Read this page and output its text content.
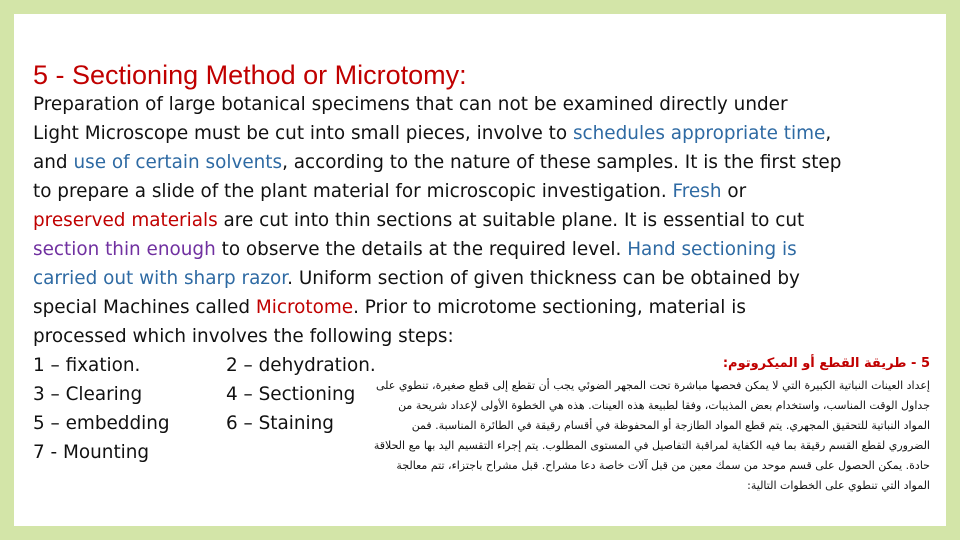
5 - Sectioning Method or Microtomy:

Preparation of large botanical specimens that can not be examined directly under
Light Microscope must be cut into small pieces, involve to schedules appropriate time,
and use of certain solvents, according to the nature of these samples. It is the first step
to prepare a slide of the plant material for microscopic investigation. Fresh or
preserved materials are cut into thin sections at suitable plane. It is essential to cut
section thin enough to observe the details at the required level. Hand sectioning is
carried out with sharp razor. Uniform section of given thickness can be obtained by
special Machines called Microtome. Prior to microtome sectioning, material is
processed which involves the following steps:

1 – fixation.	2 – dehydration.
3 – Clearing	4 – Sectioning
5 – embedding	6 – Staining
7 - Mounting

5 - طريقة القطع أو الميكروتوم:

إعداد العينات النباتية الكبيرة التي لا يمكن فحصها مباشرة تحت المجهر الضوئي يجب أن تقطع إلى قطع صغيرة، تنطوي على جداول الوقت المناسب، واستخدام بعض المذيبات، وفقا لطبيعة هذه العينات. هذه هي الخطوة الأولى لإعداد شريحة من المواد النباتية للتحقيق المجهري. يتم قطع المواد الطازجة أو المحفوظة في أقسام رقيقة في الطائرة المناسبة. فمن الضروري لقطع القسم رقيقة بما فيه الكفاية لمراقبة التفاصيل في المستوى المطلوب. يتم إجراء التقسيم اليد بها مع الحلاقة حادة. يمكن الحصول على قسم موحد من سمك معين من قبل آلات خاصة دعا مشراح. قبل مشراح باجتزاء، تتم معالجة المواد التي تنطوي على الخطوات التالية:
